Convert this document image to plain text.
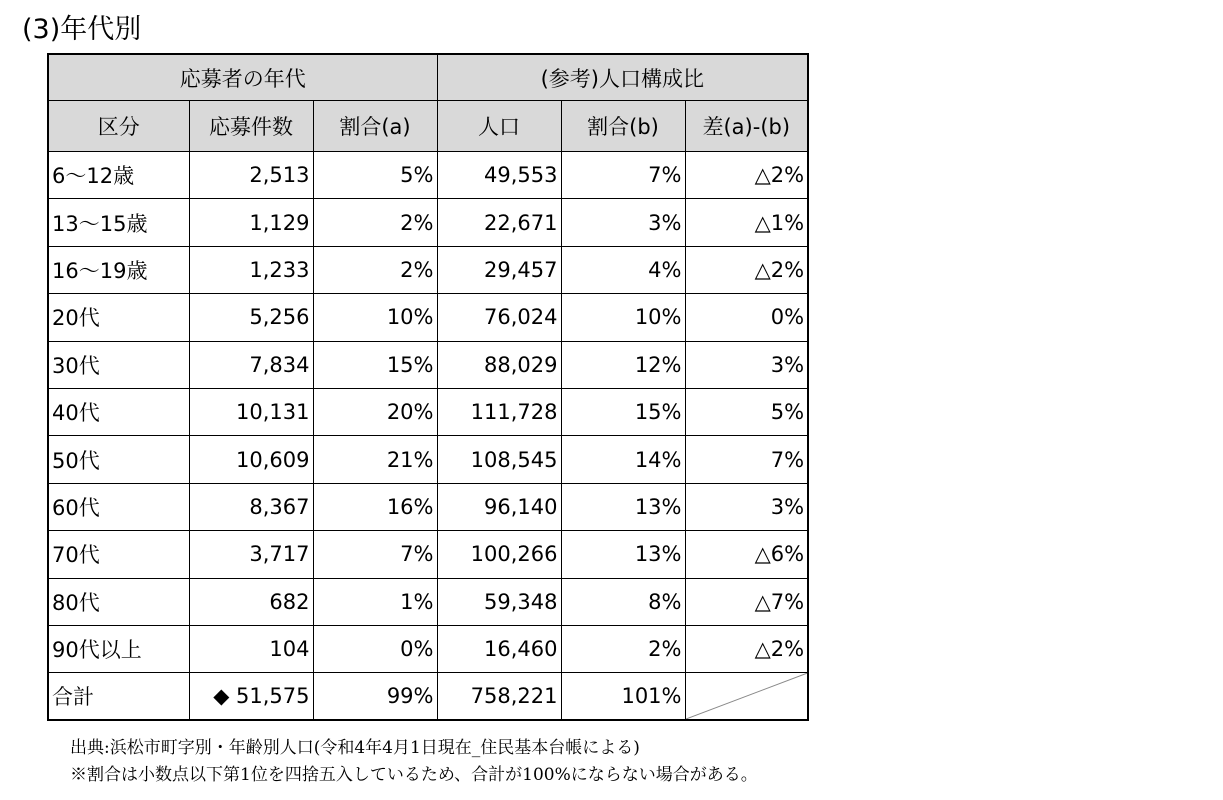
(3)年代別
応募者の年代			(参考)人口構成比		
区分	応募件数	割合(a)	人口	割合(b)	差(a)-(b)
6～12歳	2,513	5%	49,553	7%	△2%
13～15歳	1,129	2%	22,671	3%	△1%
16～19歳	1,233	2%	29,457	4%	△2%
20代	5,256	10%	76,024	10%	0%
30代	7,834	15%	88,029	12%	3%
40代	10,131	20%	111,728	15%	5%
50代	10,609	21%	108,545	14%	7%
60代	8,367	16%	96,140	13%	3%
70代	3,717	7%	100,266	13%	△6%
80代	682	1%	59,348	8%	△7%
90代以上	104	0%	16,460	2%	△2%
合計	◆ 51,575	99%	758,221	101%	
出典:浜松市町字別・年齢別人口(令和4年4月1日現在_住民基本台帳による)
※割合は小数点以下第1位を四捨五入しているため、合計が100%にならない場合がある。
